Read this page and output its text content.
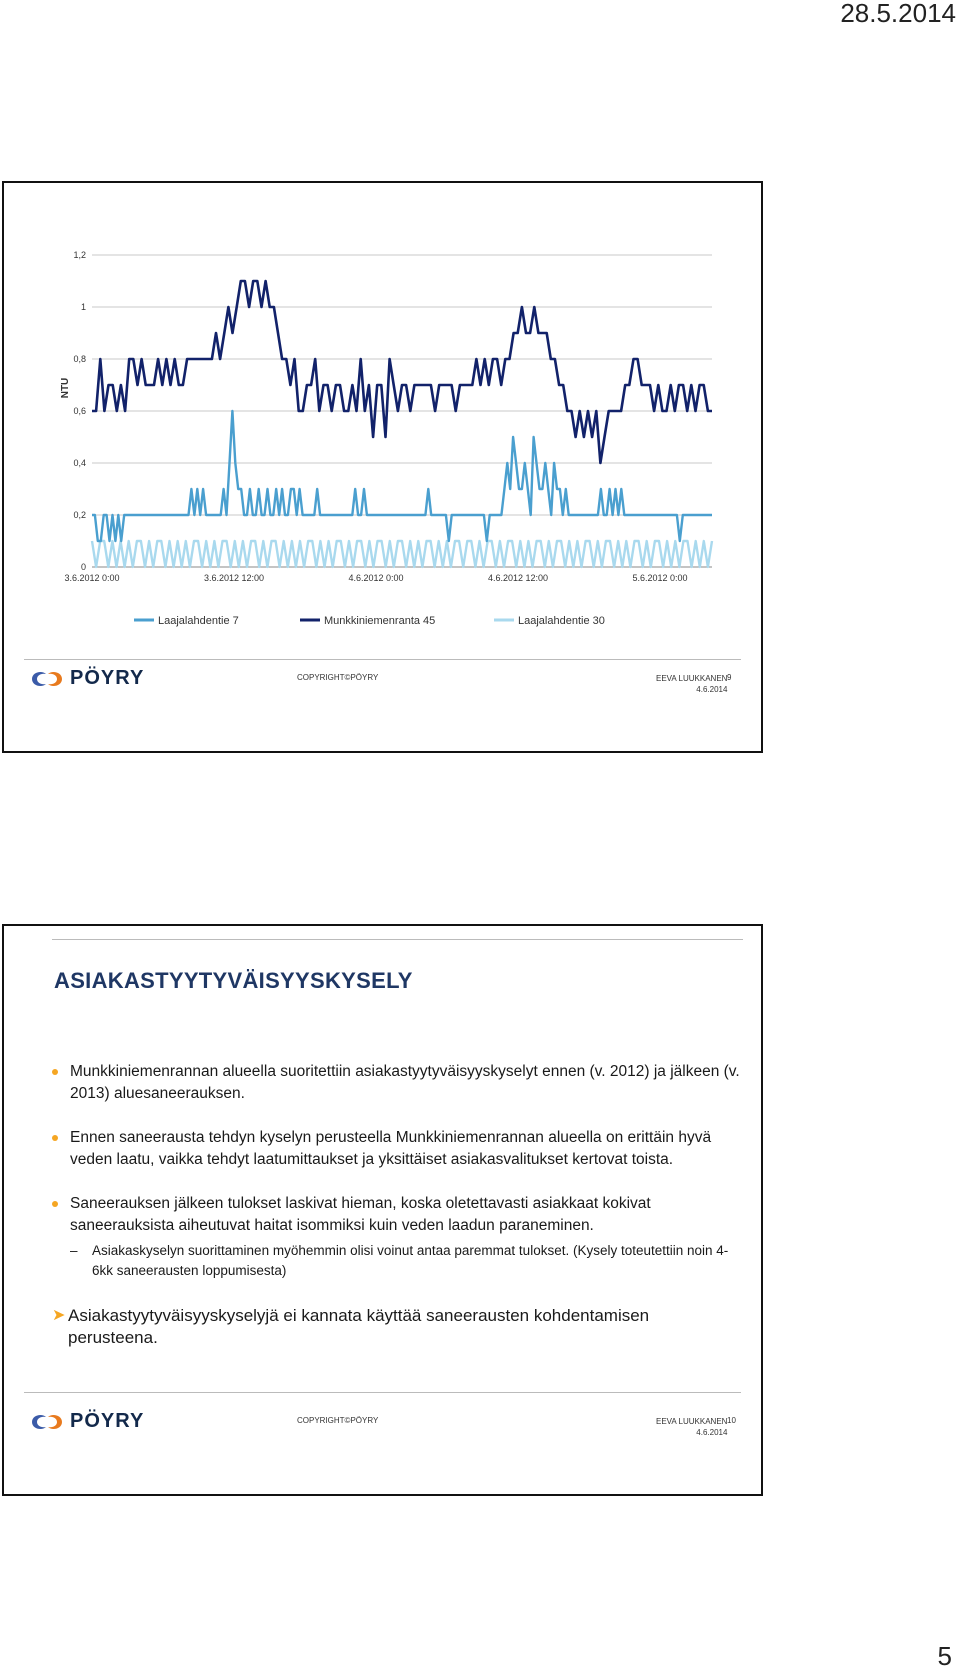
28.5.2014
0
0,2
0,4
0,6
0,8
1
1,2
3.6.2012 0:00	3.6.2012 12:00	4.6.2012 0:00	4.6.2012 12:00	5.6.2012 0:00
NTU
Laajalahdentie 7	Munkkiniemenranta 45	Laajalahdentie 30
PÖYRY	COPYRIGHT©PÖYRY	EEVA LUUKKANEN
4.6.2014
9
ASIAKASTYYTYVÄISYYSKYSELY
Munkkiniemenrannan alueella suoritettiin asiakastyytyväisyyskyselyt ennen (v. 2012) ja jälkeen (v. 2013) aluesaneerauksen.
Ennen saneerausta tehdyn kyselyn perusteella Munkkiniemenrannan alueella on erittäin hyvä veden laatu, vaikka tehdyt laatumittaukset ja yksittäiset asiakasvalitukset kertovat toista.
Saneerauksen jälkeen tulokset laskivat hieman, koska oletettavasti asiakkaat kokivat saneerauksista aiheutuvat haitat isommiksi kuin veden laadun paraneminen.
– Asiakaskyselyn suorittaminen myöhemmin olisi voinut antaa paremmat tulokset. (Kysely toteutettiin noin 4-6kk saneerausten loppumisesta)
➤ Asiakastyytyväisyyskyselyjä ei kannata käyttää saneerausten kohdentamisen perusteena.
PÖYRY	COPYRIGHT©PÖYRY	EEVA LUUKKANEN
4.6.2014
10
5
